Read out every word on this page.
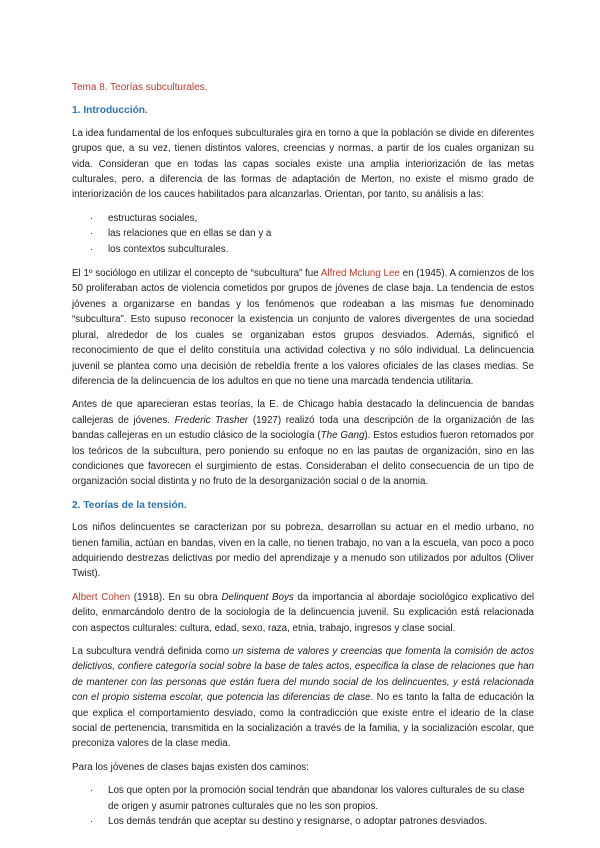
Tema 8. Teorías subculturales.
1. Introducción.

La idea fundamental de los enfoques subculturales gira en torno a que la población se divide en diferentes grupos que, a su vez, tienen distintos valores, creencias y normas, a partir de los cuales organizan su vida. Consideran que en todas las capas sociales existe una amplia interiorización de las metas culturales, pero, a diferencia de las formas de adaptación de Merton, no existe el mismo grado de interiorización de los cauces habilitados para alcanzarlas. Orientan, por tanto, su análisis a las:

· estructuras sociales,
· las relaciones que en ellas se dan y a
· los contextos subculturales.

El 1º sociólogo en utilizar el concepto de “subcultura” fue Alfred Mclung Lee en (1945). A comienzos de los 50 proliferaban actos de violencia cometidos por grupos de jóvenes de clase baja. La tendencia de estos jóvenes a organizarse en bandas y los fenómenos que rodeaban a las mismas fue denominado “subcultura”. Esto supuso reconocer la existencia un conjunto de valores divergentes de una sociedad plural, alrededor de los cuales se organizaban estos grupos desviados. Además, significó el reconocimiento de que el delito constituía una actividad colectiva y no sólo individual. La delincuencia juvenil se plantea como una decisión de rebeldía frente a los valores oficiales de las clases medias. Se diferencia de la delincuencia de los adultos en que no tiene una marcada tendencia utilitaria.

Antes de que aparecieran estas teorías, la E. de Chicago había destacado la delincuencia de bandas callejeras de jóvenes. Frederic Trasher (1927) realizó toda una descripción de la organización de las bandas callejeras en un estudio clásico de la sociología (The Gang). Estos estudios fueron retomados por los teóricos de la subcultura, pero poniendo su enfoque no en las pautas de organización, sino en las condiciones que favorecen el surgimiento de estas. Consideraban el delito consecuencia de un tipo de organización social distinta y no fruto de la desorganización social o de la anomia.

2. Teorías de la tensión.

Los niños delincuentes se caracterizan por su pobreza, desarrollan su actuar en el medio urbano, no tienen familia, actúan en bandas, viven en la calle, no tienen trabajo, no van a la escuela, van poco a poco adquiriendo destrezas delictivas por medio del aprendizaje y a menudo son utilizados por adultos (Oliver Twist).

Albert Cohen (1918). En su obra Delinquent Boys da importancia al abordaje sociológico explicativo del delito, enmarcándolo dentro de la sociología de la delincuencia juvenil. Su explicación está relacionada con aspectos culturales: cultura, edad, sexo, raza, etnia, trabajo, ingresos y clase social.

La subcultura vendrá definida como un sistema de valores y creencias que fomenta la comisión de actos delictivos, confiere categoría social sobre la base de tales actos, especifica la clase de relaciones que han de mantener con las personas que están fuera del mundo social de los delincuentes, y está relacionada con el propio sistema escolar, que potencia las diferencias de clase. No es tanto la falta de educación la que explica el comportamiento desviado, como la contradicción que existe entre el ideario de la clase social de pertenencia, transmitida en la socialización a través de la familia, y la socialización escolar, que preconiza valores de la clase media.

Para los jóvenes de clases bajas existen dos caminos:

· Los que opten por la promoción social tendrán que abandonar los valores culturales de su clase de origen y asumir patrones culturales que no les son propios.
· Los demás tendrán que aceptar su destino y resignarse, o adoptar patrones desviados.
